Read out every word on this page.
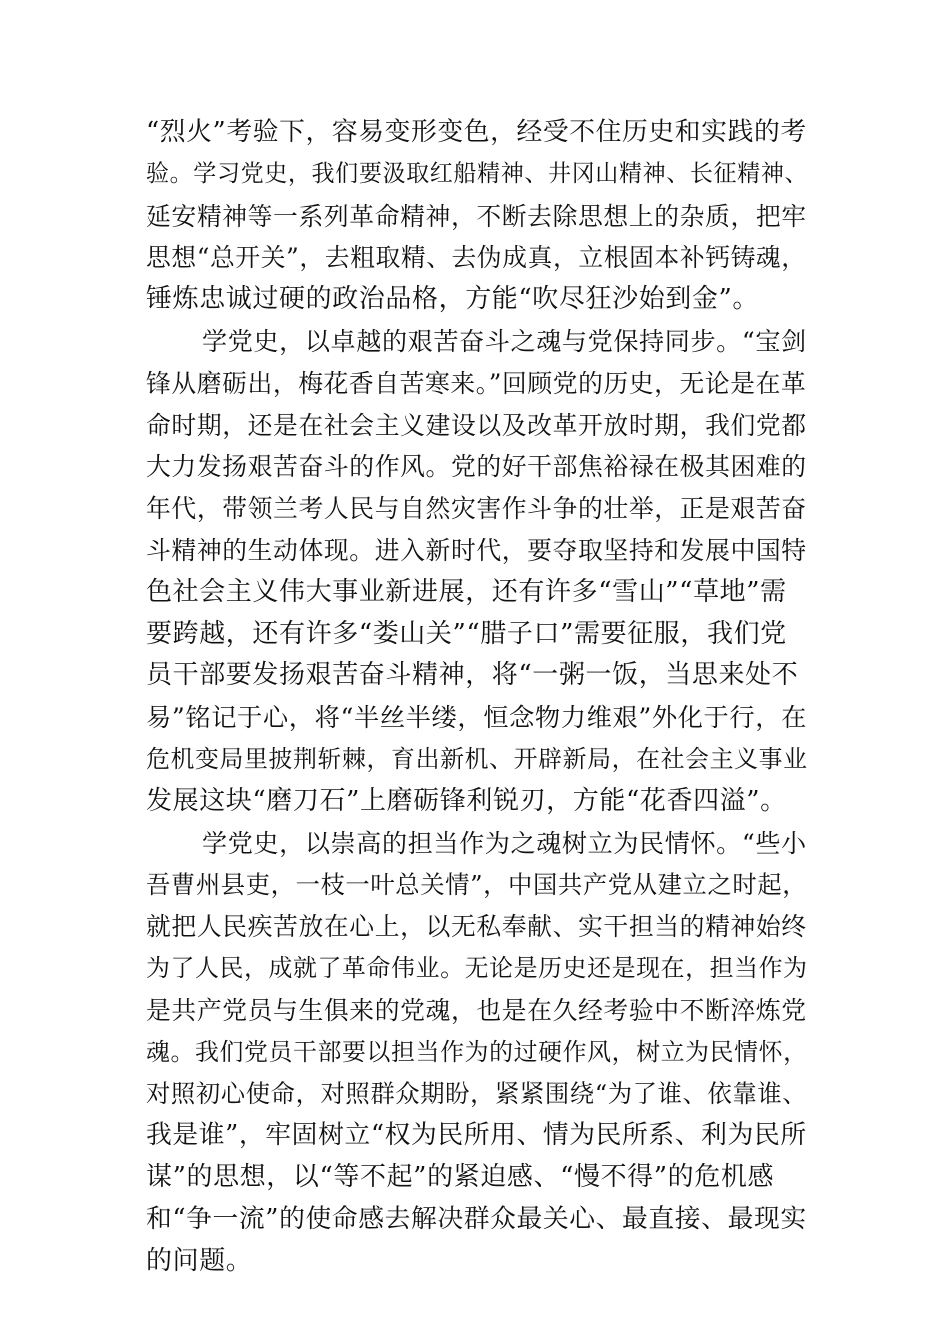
“烈火”考验下，容易变形变色，经受不住历史和实践的考
验。学习党史，我们要汲取红船精神、井冈山精神、长征精神、
延安精神等一系列革命精神，不断去除思想上的杂质，把牢
思想“总开关”，去粗取精、去伪成真，立根固本补钙铸魂，
锤炼忠诚过硬的政治品格，方能“吹尽狂沙始到金”。
学党史，以卓越的艰苦奋斗之魂与党保持同步。“宝剑
锋从磨砺出，梅花香自苦寒来。”回顾党的历史，无论是在革
命时期，还是在社会主义建设以及改革开放时期，我们党都
大力发扬艰苦奋斗的作风。党的好干部焦裕禄在极其困难的
年代，带领兰考人民与自然灾害作斗争的壮举，正是艰苦奋
斗精神的生动体现。进入新时代，要夺取坚持和发展中国特
色社会主义伟大事业新进展，还有许多“雪山”“草地”需
要跨越，还有许多“娄山关”“腊子口”需要征服，我们党
员干部要发扬艰苦奋斗精神，将“一粥一饭，当思来处不
易”铭记于心，将“半丝半缕，恒念物力维艰”外化于行，在
危机变局里披荆斩棘，育出新机、开辟新局，在社会主义事业
发展这块“磨刀石”上磨砺锋利锐刃，方能“花香四溢”。
学党史，以崇高的担当作为之魂树立为民情怀。“些小
吾曹州县吏，一枝一叶总关情”，中国共产党从建立之时起，
就把人民疾苦放在心上，以无私奉献、实干担当的精神始终
为了人民，成就了革命伟业。无论是历史还是现在，担当作为
是共产党员与生俱来的党魂，也是在久经考验中不断淬炼党
魂。我们党员干部要以担当作为的过硬作风，树立为民情怀，
对照初心使命，对照群众期盼，紧紧围绕“为了谁、依靠谁、
我是谁”，牢固树立“权为民所用、情为民所系、利为民所
谋”的思想，以“等不起”的紧迫感、“慢不得”的危机感
和“争一流”的使命感去解决群众最关心、最直接、最现实
的问题。
